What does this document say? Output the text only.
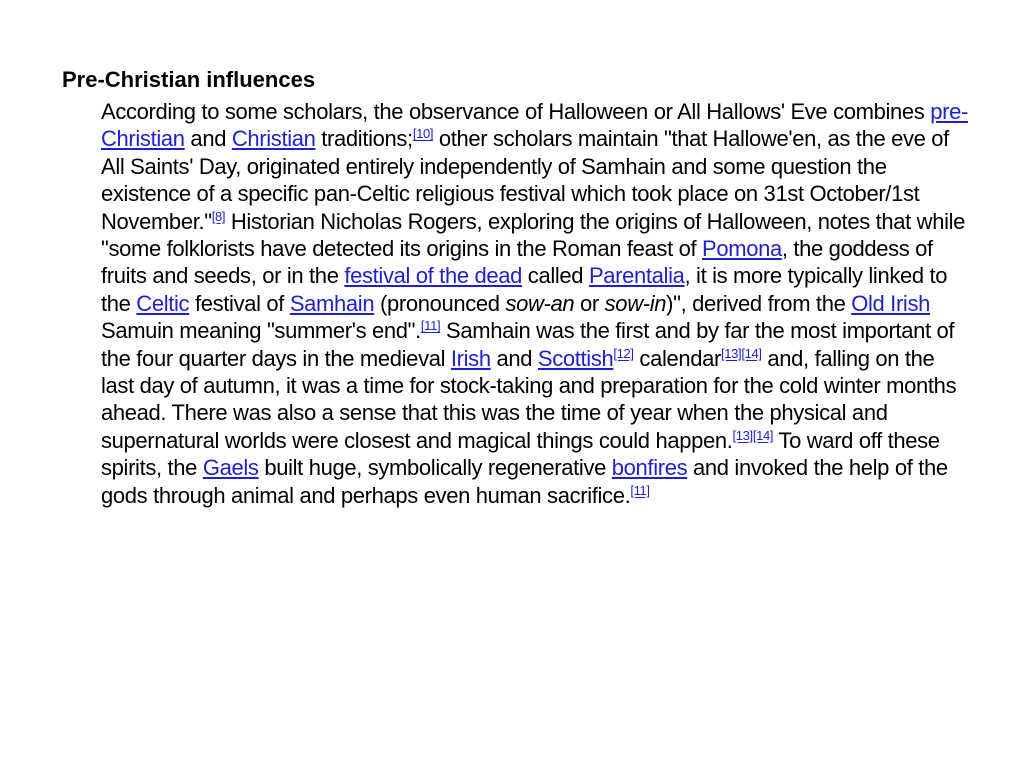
Pre-Christian influences
According to some scholars, the observance of Halloween or All Hallows' Eve combines pre-Christian and Christian traditions;[10] other scholars maintain "that Hallowe'en, as the eve of All Saints' Day, originated entirely independently of Samhain and some question the existence of a specific pan-Celtic religious festival which took place on 31st October/1st November."[8] Historian Nicholas Rogers, exploring the origins of Halloween, notes that while "some folklorists have detected its origins in the Roman feast of Pomona, the goddess of fruits and seeds, or in the festival of the dead called Parentalia, it is more typically linked to the Celtic festival of Samhain (pronounced sow-an or sow-in)", derived from the Old Irish Samuin meaning "summer's end".[11] Samhain was the first and by far the most important of the four quarter days in the medieval Irish and Scottish[12] calendar[13][14] and, falling on the last day of autumn, it was a time for stock-taking and preparation for the cold winter months ahead. There was also a sense that this was the time of year when the physical and supernatural worlds were closest and magical things could happen.[13][14] To ward off these spirits, the Gaels built huge, symbolically regenerative bonfires and invoked the help of the gods through animal and perhaps even human sacrifice.[11]
